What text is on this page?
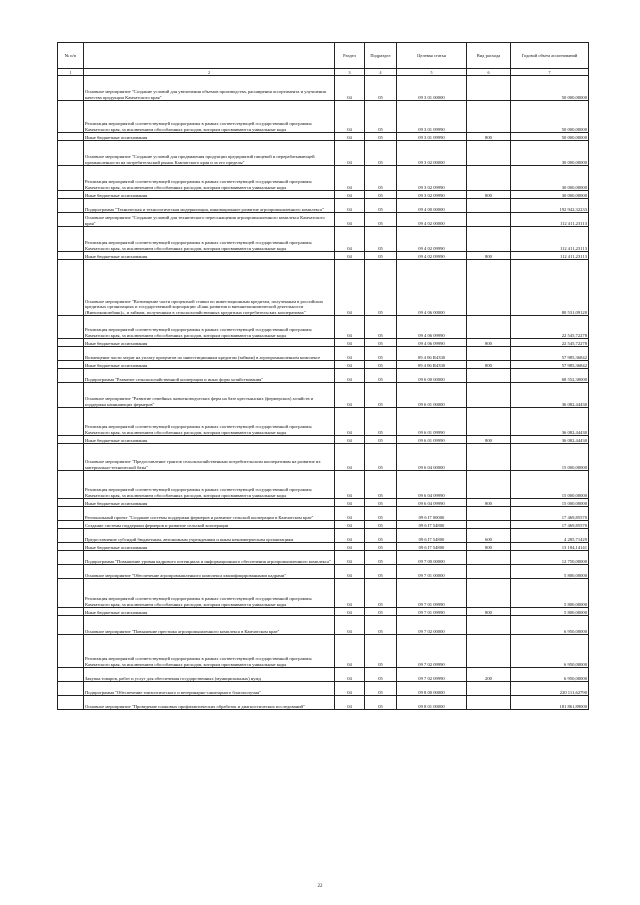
№ п/п		Раздел	Подраздел	Целевая статья	Вид расхода	Годовой объем ассигнований
1	2	3	4	5	6	7
	Основное мероприятие "Создание условий для увеличения объемов производства, расширения ассортимента и улучшения качества продукции Камчатского края"	04	05	09 3 01 00000		50 000,00000
	Реализация мероприятий соответствующей подпрограммы в рамках соответствующей государственной программы Камчатского края, за исключением обособленных расходов, которым присваиваются уникальные коды	04	05	09 3 01 09990		50 000,00000
	Иные бюджетные ассигнования	04	05	09 3 01 09990	800	50 000,00000
	Основное мероприятие "Создание условий для продвижения продукции предприятий пищевой и перерабатывающей промышленности на потребительский рынок Камчатского края и за его пределы"	04	05	09 3 02 00000		30 000,00000
	Реализация мероприятий соответствующей подпрограммы в рамках соответствующей государственной программы Камчатского края, за исключением обособленных расходов, которым присваиваются уникальные коды	04	05	09 3 02 09990		30 000,00000
	Иные бюджетные ассигнования	04	05	09 3 02 09990	800	30 000,00000
	Подпрограмма "Техническая и технологическая модернизация, инновационное развитие агропромышленного комплекса"	04	05	09 4 00 00000		192 942,32233
	Основное мероприятие "Создание условий для технического переоснащения агропромышленного комплекса Камчатского края"	04	05	09 4 02 00000		112 411,23113
	Реализация мероприятий соответствующей подпрограммы в рамках соответствующей государственной программы Камчатского края, за исключением обособленных расходов, которым присваиваются уникальные коды	04	05	09 4 02 09990		112 411,23113
	Иные бюджетные ассигнования	04	05	09 4 02 09990	800	112 411,23113
	Основное мероприятие "Возмещение части процентной ставки по инвестиционным кредитам, полученным в российских кредитных организациях и государственной корпорации «Банк развития и внешнеэкономической деятельности (Внешэкономбанк)», и займам, полученным в сельскохозяйственных кредитных потребительских кооперативах"	04	05	09 4 06 00000		80 531,09120
	Реализация мероприятий соответствующей подпрограммы в рамках соответствующей государственной программы Камчатского края, за исключением обособленных расходов, которым присваиваются уникальные коды	04	05	09 4 06 09990		22 545,72278
	Иные бюджетные ассигнования	04	05	09 4 06 09990	800	22 545,72278
	Возмещение части затрат на уплату процентов по инвестиционным кредитам (займам) в агропромышленном комплексе	04	05	09 4 06 R4330		57 985,36842
	Иные бюджетные ассигнования	04	05	09 4 06 R4330	800	57 985,36842
	Подпрограмма "Развитие сельскохозяйственной кооперации и иных форм хозяйствования"	04	05	09 6 00 00000		68 552,30000
	Основное мероприятие "Развитие семейных животноводческих ферм на базе крестьянских (фермерских) хозяйств и поддержка начинающих фермеров"	04	05	09 6 01 00000		36 082,44430
	Реализация мероприятий соответствующей подпрограммы в рамках соответствующей государственной программы Камчатского края, за исключением обособленных расходов, которым присваиваются уникальные коды	04	05	09 6 01 09990		36 082,44430
	Иные бюджетные ассигнования	04	05	09 6 01 09990	800	36 082,44430
	Основное мероприятие "Предоставление грантов сельскохозяйственным потребительским кооперативам на развитие их материально-технической базы"	04	05	09 6 04 00000		15 000,00000
	Реализация мероприятий соответствующей подпрограммы в рамках соответствующей государственной программы Камчатского края, за исключением обособленных расходов, которым присваиваются уникальные коды	04	05	09 6 04 09990		15 000,00000
	Иные бюджетные ассигнования	04	05	09 6 04 09990	800	15 000,00000
	Региональный проект "Создание системы поддержки фермеров и развитие сельской кооперации в Камчатском крае"	04	05	09 6 I7 00000		17 469,85570
	Создание системы поддержки фермеров и развитие сельской кооперации	04	05	09 6 I7 54800		17 469,85570
	Предоставление субсидий бюджетным, автономным учреждениям и иным некоммерческим организациям	04	05	09 6 I7 54800	600	4 285,71429
	Иные бюджетные ассигнования	04	05	09 6 I7 54800	800	13 184,14141
	Подпрограмма "Повышение уровня кадрового потенциала и информационного обеспечения агропромышленного комплекса"	04	05	09 7 00 00000		12 750,00000
	Основное мероприятие "Обеспечение агропромышленного комплекса квалифицированными кадрами"	04	05	09 7 01 00000		5 800,00000
	Реализация мероприятий соответствующей подпрограммы в рамках соответствующей государственной программы Камчатского края, за исключением обособленных расходов, которым присваиваются уникальные коды	04	05	09 7 01 09990		5 800,00000
	Иные бюджетные ассигнования	04	05	09 7 01 09990	800	5 800,00000
	Основное мероприятие "Повышение престижа агропромышленного комплекса в Камчатском крае"	04	05	09 7 02 00000		6 950,00000
	Реализация мероприятий соответствующей подпрограммы в рамках соответствующей государственной программы Камчатского края, за исключением обособленных расходов, которым присваиваются уникальные коды	04	05	09 7 02 09990		6 950,00000
	Закупка товаров, работ и услуг для обеспечения государственных (муниципальных) нужд	04	05	09 7 02 09990	200	6 950,00000
	Подпрограмма "Обеспечение эпизоотического и ветеринарно-санитарного благополучия"	04	05	09 8 00 00000		220 111,62790
	Основное мероприятие "Проведение плановых профилактических обработок и диагностических исследований"	04	05	09 8 01 00000		181 861,89000
22
